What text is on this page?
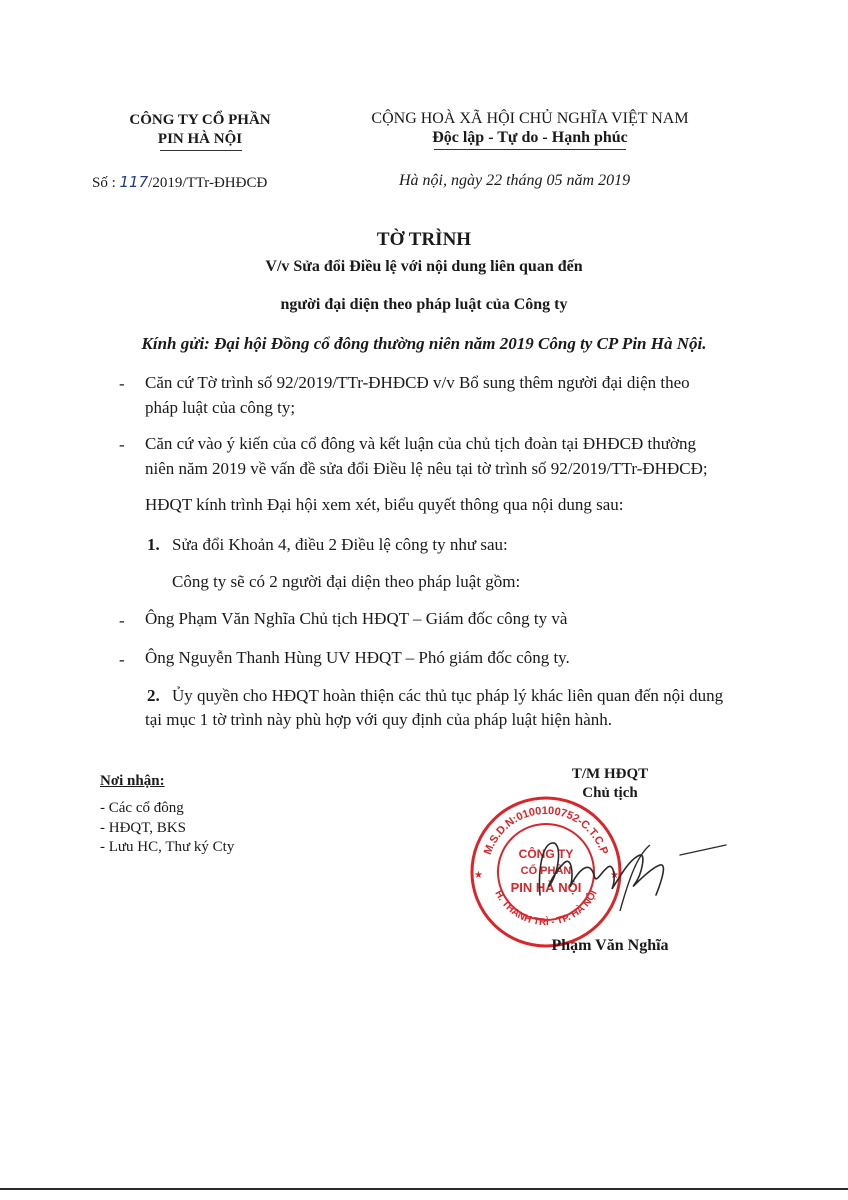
CÔNG TY CỔ PHẦN
PIN HÀ NỘI
CỘNG HOÀ XÃ HỘI CHỦ NGHĨA VIỆT NAM
Độc lập - Tự do - Hạnh phúc
Số : 117/2019/TTr-ĐHĐCĐ	Hà nội, ngày 22 tháng 05 năm 2019
TỜ TRÌNH
V/v Sửa đổi Điều lệ với nội dung liên quan đến
người đại diện theo pháp luật của Công ty
Kính gửi: Đại hội Đồng cổ đông thường niên năm 2019 Công ty CP Pin Hà Nội.
- Căn cứ Tờ trình số 92/2019/TTr-ĐHĐCĐ v/v Bổ sung thêm người đại diện theo
pháp luật của công ty;
- Căn cứ vào ý kiến của cổ đông và kết luận của chủ tịch đoàn tại ĐHĐCĐ thường
niên năm 2019 về vấn đề sửa đổi Điều lệ nêu tại tờ trình số 92/2019/TTr-ĐHĐCĐ;
HĐQT kính trình Đại hội xem xét, biểu quyết thông qua nội dung sau:
1. Sửa đổi Khoản 4, điều 2 Điều lệ công ty như sau:
Công ty sẽ có 2 người đại diện theo pháp luật gồm:
- Ông Phạm Văn Nghĩa Chủ tịch HĐQT – Giám đốc công ty và
- Ông Nguyễn Thanh Hùng UV HĐQT – Phó giám đốc công ty.
2. Ủy quyền cho HĐQT hoàn thiện các thủ tục pháp lý khác liên quan đến nội dung
tại mục 1 tờ trình này phù hợp với quy định của pháp luật hiện hành.
Nơi nhận:
- Các cổ đông
- HĐQT, BKS
- Lưu HC, Thư ký Cty
T/M HĐQT
Chủ tịch
M.S.D.N:0100100752-C.T.C.P
H. THANH TRÌ - TP. HÀ NỘI
CÔNG TY
CỔ PHẦN
PIN HÀ NỘI
★	★
Phạm Văn Nghĩa
